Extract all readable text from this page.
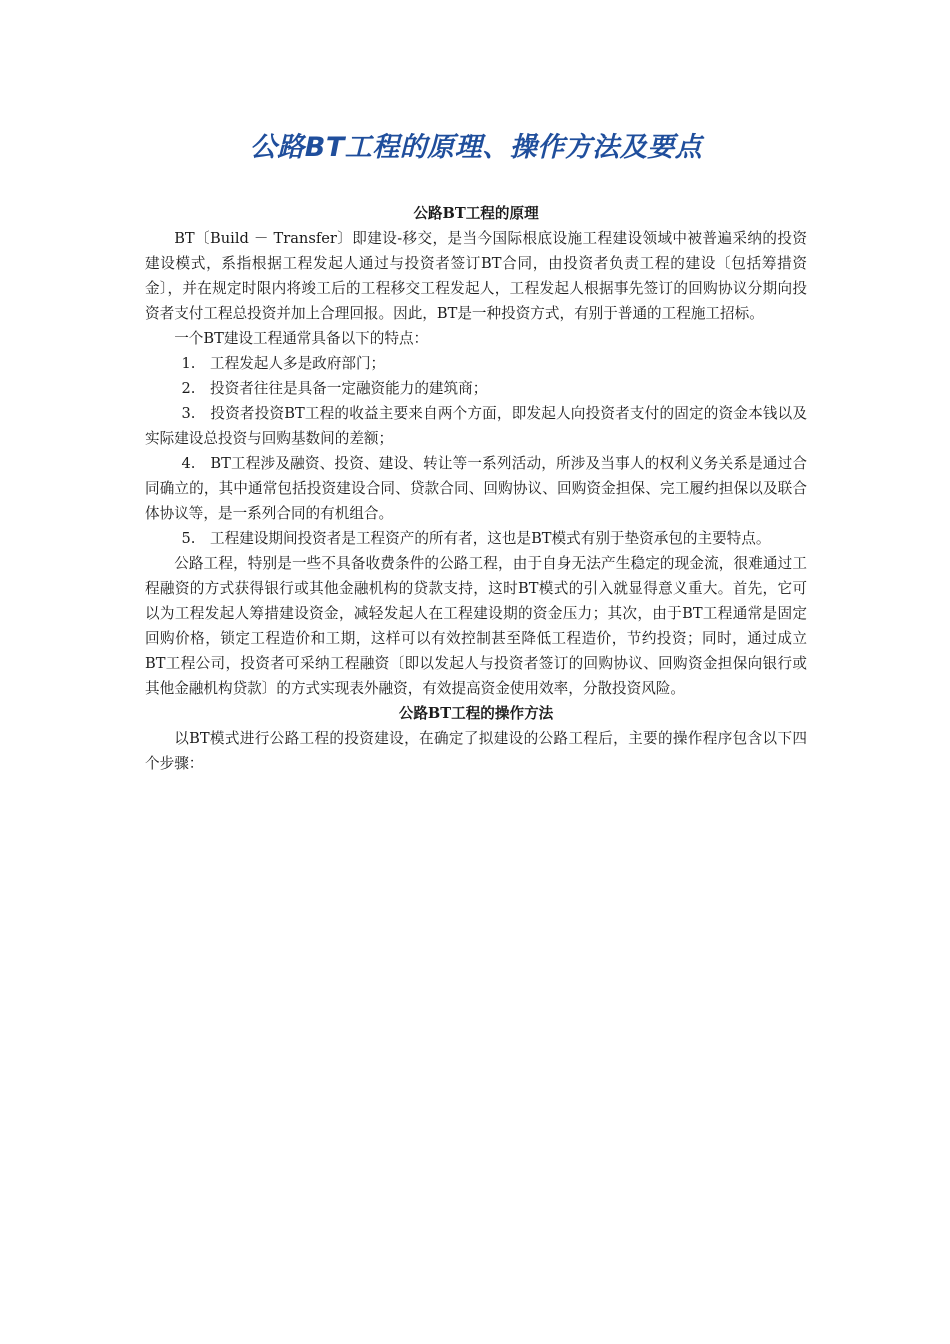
公路BT工程的原理、操作方法及要点

公路BT工程的原理

BT〔Build － Transfer〕即建设-移交，是当今国际根底设施工程建设领域中被普遍采纳的投资建设模式，系指根据工程发起人通过与投资者签订BT合同，由投资者负责工程的建设〔包括筹措资金〕，并在规定时限内将竣工后的工程移交工程发起人，工程发起人根据事先签订的回购协议分期向投资者支付工程总投资并加上合理回报。因此，BT是一种投资方式，有别于普通的工程施工招标。

一个BT建设工程通常具备以下的特点：

1.　工程发起人多是政府部门；

2.　投资者往往是具备一定融资能力的建筑商；

3.　投资者投资BT工程的收益主要来自两个方面，即发起人向投资者支付的固定的资金本钱以及实际建设总投资与回购基数间的差额；

4.　BT工程涉及融资、投资、建设、转让等一系列活动，所涉及当事人的权利义务关系是通过合同确立的，其中通常包括投资建设合同、贷款合同、回购协议、回购资金担保、完工履约担保以及联合体协议等，是一系列合同的有机组合。

5.　工程建设期间投资者是工程资产的所有者，这也是BT模式有别于垫资承包的主要特点。

公路工程，特别是一些不具备收费条件的公路工程，由于自身无法产生稳定的现金流，很难通过工程融资的方式获得银行或其他金融机构的贷款支持，这时BT模式的引入就显得意义重大。首先，它可以为工程发起人筹措建设资金，减轻发起人在工程建设期的资金压力；其次，由于BT工程通常是固定回购价格，锁定工程造价和工期，这样可以有效控制甚至降低工程造价，节约投资；同时，通过成立BT工程公司，投资者可采纳工程融资〔即以发起人与投资者签订的回购协议、回购资金担保向银行或其他金融机构贷款〕的方式实现表外融资，有效提高资金使用效率，分散投资风险。

公路BT工程的操作方法

以BT模式进行公路工程的投资建设，在确定了拟建设的公路工程后，主要的操作程序包含以下四个步骤：
